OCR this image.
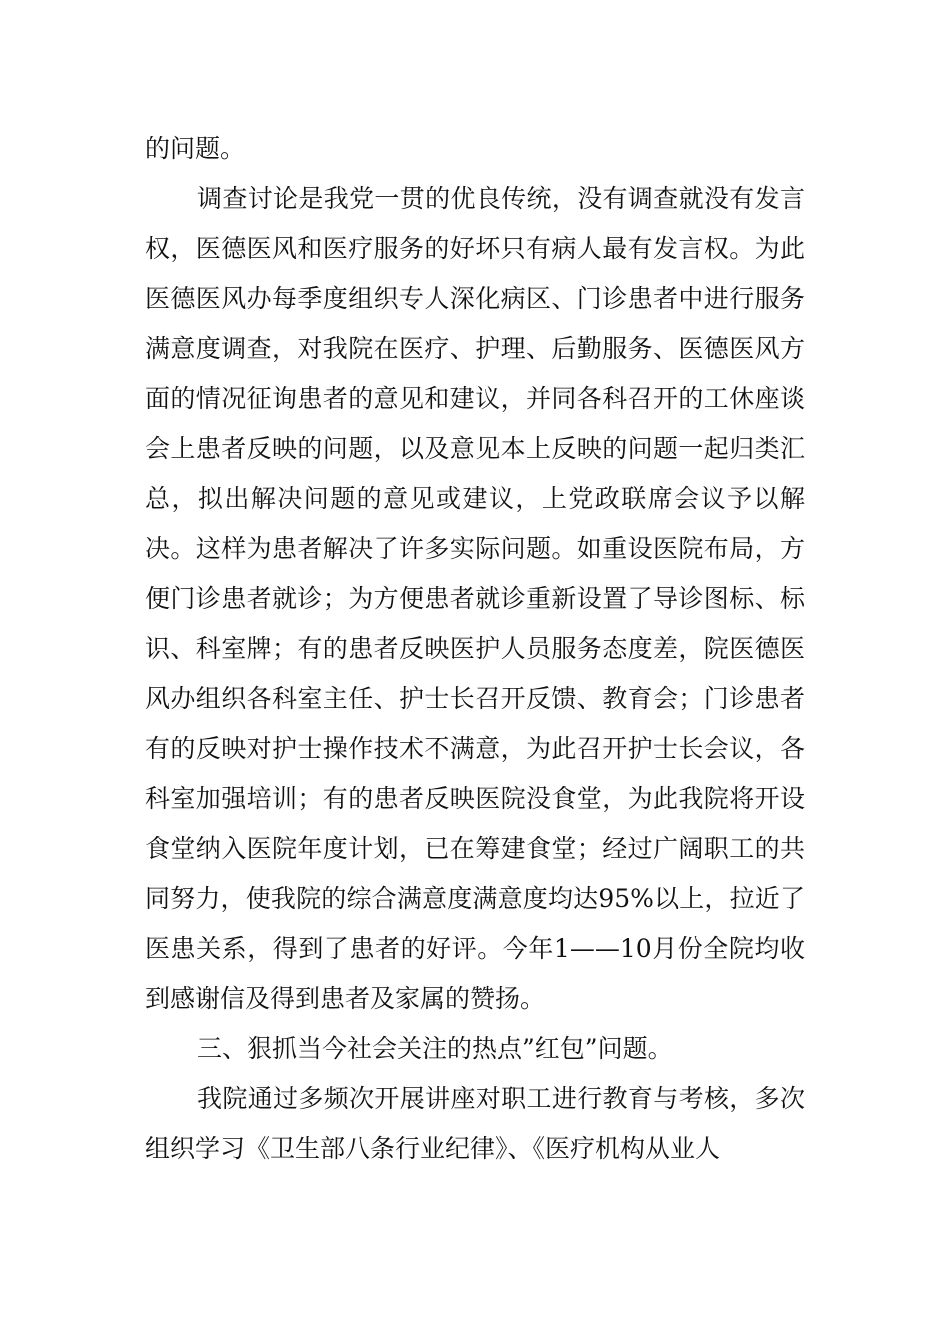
的问题。

调查讨论是我党一贯的优良传统，没有调查就没有发言权，医德医风和医疗服务的好坏只有病人最有发言权。为此医德医风办每季度组织专人深化病区、门诊患者中进行服务满意度调查，对我院在医疗、护理、后勤服务、医德医风方面的情况征询患者的意见和建议，并同各科召开的工休座谈会上患者反映的问题，以及意见本上反映的问题一起归类汇总，拟出解决问题的意见或建议，上党政联席会议予以解决。这样为患者解决了许多实际问题。如重设医院布局，方便门诊患者就诊；为方便患者就诊重新设置了导诊图标、标识、科室牌；有的患者反映医护人员服务态度差，院医德医风办组织各科室主任、护士长召开反馈、教育会；门诊患者有的反映对护士操作技术不满意，为此召开护士长会议，各科室加强培训；有的患者反映医院没食堂，为此我院将开设食堂纳入医院年度计划，已在筹建食堂；经过广阔职工的共同努力，使我院的综合满意度满意度均达95%以上，拉近了医患关系，得到了患者的好评。今年1——10月份全院均收到感谢信及得到患者及家属的赞扬。

三、狠抓当今社会关注的热点”红包”问题。

我院通过多频次开展讲座对职工进行教育与考核，多次组织学习《卫生部八条行业纪律》、《医疗机构从业人
